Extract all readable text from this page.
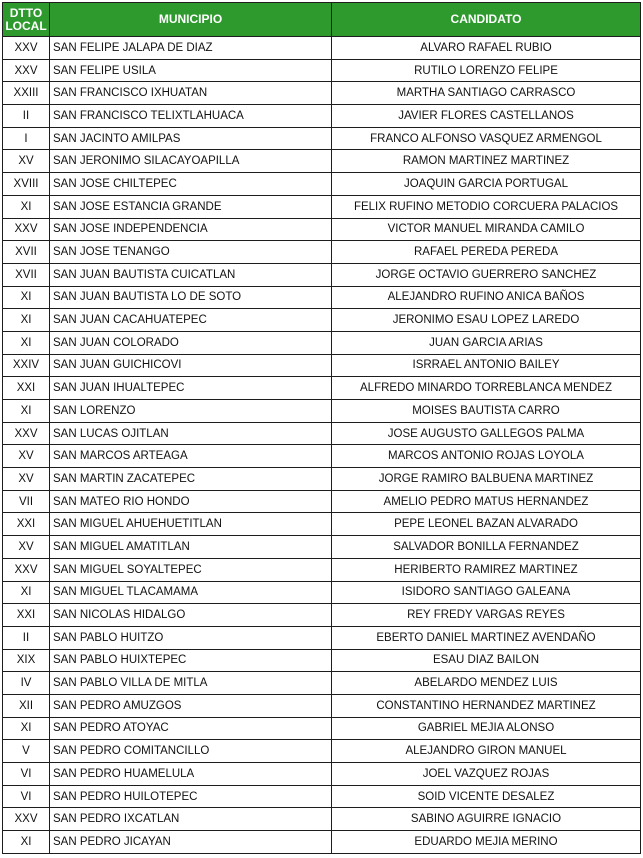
DTTO
LOCAL	MUNICIPIO	CANDIDATO
XXV	SAN FELIPE JALAPA DE DIAZ	ALVARO RAFAEL RUBIO
XXV	SAN FELIPE USILA	RUTILO LORENZO FELIPE
XXIII	SAN FRANCISCO IXHUATAN	MARTHA SANTIAGO CARRASCO
II	SAN FRANCISCO TELIXTLAHUACA	JAVIER FLORES CASTELLANOS
I	SAN JACINTO AMILPAS	FRANCO ALFONSO VASQUEZ ARMENGOL
XV	SAN JERONIMO SILACAYOAPILLA	RAMON MARTINEZ MARTINEZ
XVIII	SAN JOSE CHILTEPEC	JOAQUIN GARCIA PORTUGAL
XI	SAN JOSE ESTANCIA GRANDE	FELIX RUFINO METODIO CORCUERA PALACIOS
XXV	SAN JOSE INDEPENDENCIA	VICTOR MANUEL MIRANDA CAMILO
XVII	SAN JOSE TENANGO	RAFAEL PEREDA PEREDA
XVII	SAN JUAN BAUTISTA CUICATLAN	JORGE OCTAVIO GUERRERO SANCHEZ
XI	SAN JUAN BAUTISTA LO DE SOTO	ALEJANDRO RUFINO ANICA BAÑOS
XI	SAN JUAN CACAHUATEPEC	JERONIMO ESAU LOPEZ LAREDO
XI	SAN JUAN COLORADO	JUAN GARCIA ARIAS
XXIV	SAN JUAN GUICHICOVI	ISRRAEL ANTONIO BAILEY
XXI	SAN JUAN IHUALTEPEC	ALFREDO MINARDO TORREBLANCA MENDEZ
XI	SAN LORENZO	MOISES BAUTISTA CARRO
XXV	SAN LUCAS OJITLAN	JOSE AUGUSTO GALLEGOS PALMA
XV	SAN MARCOS ARTEAGA	MARCOS ANTONIO ROJAS LOYOLA
XV	SAN MARTIN ZACATEPEC	JORGE RAMIRO BALBUENA MARTINEZ
VII	SAN MATEO RIO HONDO	AMELIO PEDRO MATUS HERNANDEZ
XXI	SAN MIGUEL AHUEHUETITLAN	PEPE LEONEL BAZAN ALVARADO
XV	SAN MIGUEL AMATITLAN	SALVADOR BONILLA FERNANDEZ
XXV	SAN MIGUEL SOYALTEPEC	HERIBERTO RAMIREZ MARTINEZ
XI	SAN MIGUEL TLACAMAMA	ISIDORO SANTIAGO GALEANA
XXI	SAN NICOLAS HIDALGO	REY FREDY VARGAS REYES
II	SAN PABLO HUITZO	EBERTO DANIEL MARTINEZ AVENDAÑO
XIX	SAN PABLO HUIXTEPEC	ESAU DIAZ BAILON
IV	SAN PABLO VILLA DE MITLA	ABELARDO MENDEZ LUIS
XII	SAN PEDRO AMUZGOS	CONSTANTINO HERNANDEZ MARTINEZ
XI	SAN PEDRO ATOYAC	GABRIEL MEJIA ALONSO
V	SAN PEDRO COMITANCILLO	ALEJANDRO GIRON MANUEL
VI	SAN PEDRO HUAMELULA	JOEL VAZQUEZ ROJAS
VI	SAN PEDRO HUILOTEPEC	SOID VICENTE DESALEZ
XXV	SAN PEDRO IXCATLAN	SABINO AGUIRRE IGNACIO
XI	SAN PEDRO JICAYAN	EDUARDO MEJIA MERINO
